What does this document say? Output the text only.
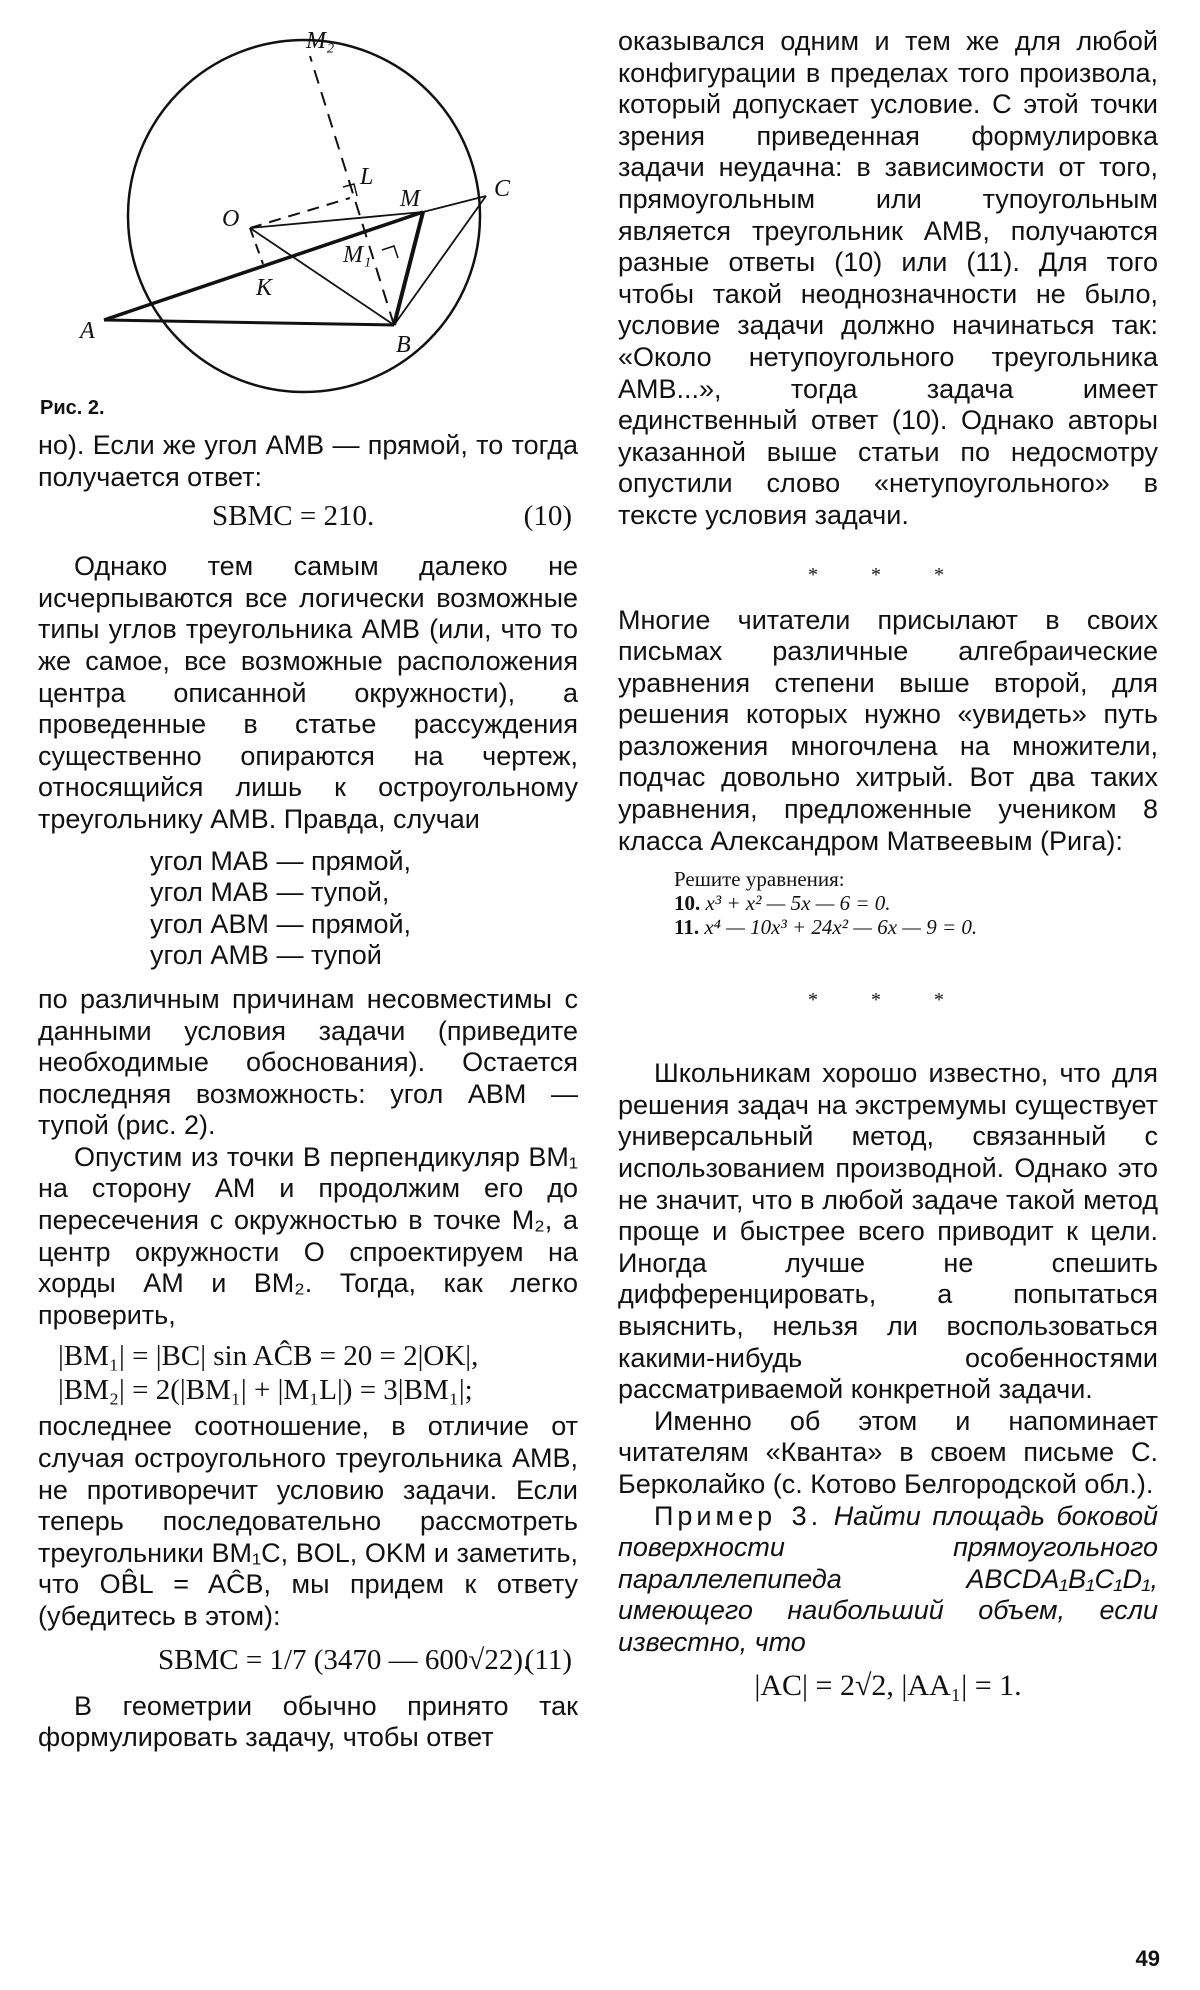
M₂
L
M	C
O
M₁
K
A
B
Рис. 2.

но). Если же угол AMB — прямой, то тогда получается ответ:

SBMC = 210.	(10)

Однако тем самым далеко не исчерпываются все логически возможные типы углов треугольника AMB (или, что то же самое, все возможные расположения центра описанной окружности), а проведенные в статье рассуждения существенно опираются на чертеж, относящийся лишь к остроугольному треугольнику AMB. Правда, случаи

угол MAB — прямой,

угол MAB — тупой,

угол ABM — прямой,

угол AMB — тупой

по различным причинам несовместимы с данными условия задачи (приведите необходимые обоснования). Остается последняя возможность: угол ABM — тупой (рис. 2).

Опустим из точки B перпендикуляр BM₁ на сторону AM и продолжим его до пересечения с окружностью в точке M₂, а центр окружности O спроектируем на хорды AM и BM₂. Тогда, как легко проверить,

|BM₁| = |BC| sin AĈB = 20 = 2|OK|,

|BM₂| = 2(|BM₁| + |M₁L|) = 3|BM₁|;

последнее соотношение, в отличие от случая остроугольного треугольника AMB, не противоречит условию задачи. Если теперь последовательно рассмотреть треугольники BM₁C, BOL, OKM и заметить, что OB̂L = AĈB, мы придем к ответу (убедитесь в этом):

SBMC = 1/7 (3470 — 600√22).
(11)

В геометрии обычно принято так формулировать задачу, чтобы ответ

оказывался одним и тем же для любой конфигурации в пределах того произвола, который допускает условие. С этой точки зрения приведенная формулировка задачи неудачна: в зависимости от того, прямоугольным или тупоугольным является треугольник AMB, получаются разные ответы (10) или (11). Для того чтобы такой неоднозначности не было, условие задачи должно начинаться так: «Около нетупоугольного треугольника AMB...», тогда задача имеет единственный ответ (10). Однако авторы указанной выше статьи по недосмотру опустили слово «нетупоугольного» в тексте условия задачи.

* * *

Многие читатели присылают в своих письмах различные алгебраические уравнения степени выше второй, для решения которых нужно «увидеть» путь разложения многочлена на множители, подчас довольно хитрый. Вот два таких уравнения, предложенные учеником 8 класса Александром Матвеевым (Рига):

Решите уравнения:

10. x³ + x² — 5x — 6 = 0.

11. x⁴ — 10x³ + 24x² — 6x — 9 = 0.

* * *

Школьникам хорошо известно, что для решения задач на экстремумы существует универсальный метод, связанный с использованием производной. Однако это не значит, что в любой задаче такой метод проще и быстрее всего приводит к цели. Иногда лучше не спешить дифференцировать, а попытаться выяснить, нельзя ли воспользоваться какими-нибудь особенностями рассматриваемой конкретной задачи.

Именно об этом и напоминает читателям «Кванта» в своем письме С. Берколайко (с. Котово Белгородской обл.).

Пример 3. Найти площадь боковой поверхности прямоугольного параллелепипеда ABCDA₁B₁C₁D₁, имеющего наибольший объем, если известно, что

|AC| = 2√2, |AA₁| = 1.

49
